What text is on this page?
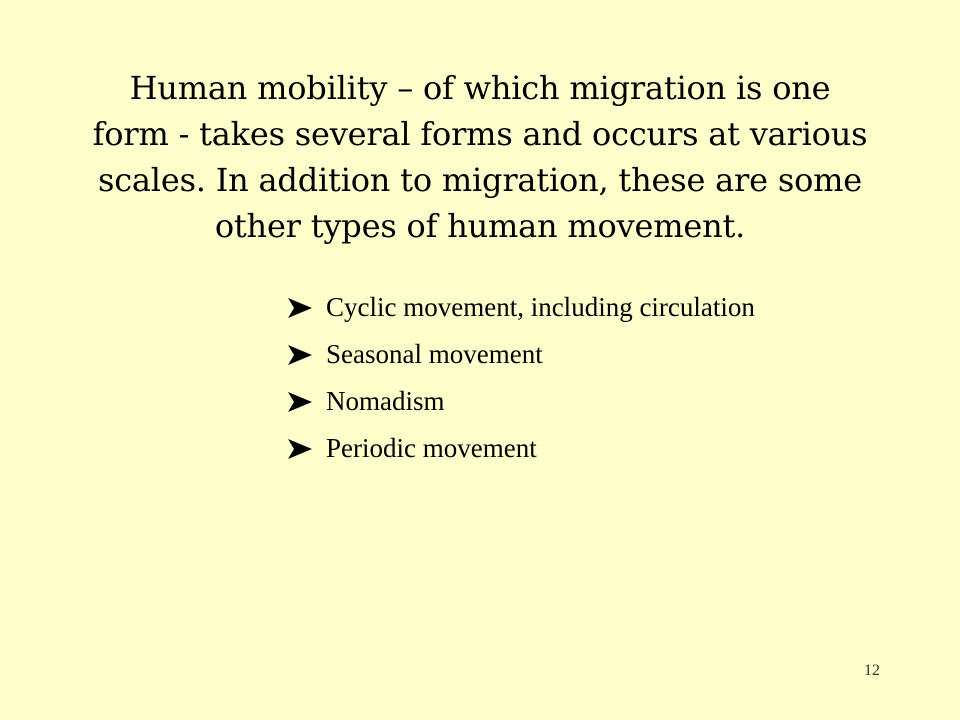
Human mobility – of which migration is one
form - takes several forms and occurs at various
scales. In addition to migration, these are some
other types of human movement.
Cyclic movement, including circulation
Seasonal movement
Nomadism
Periodic movement
12
